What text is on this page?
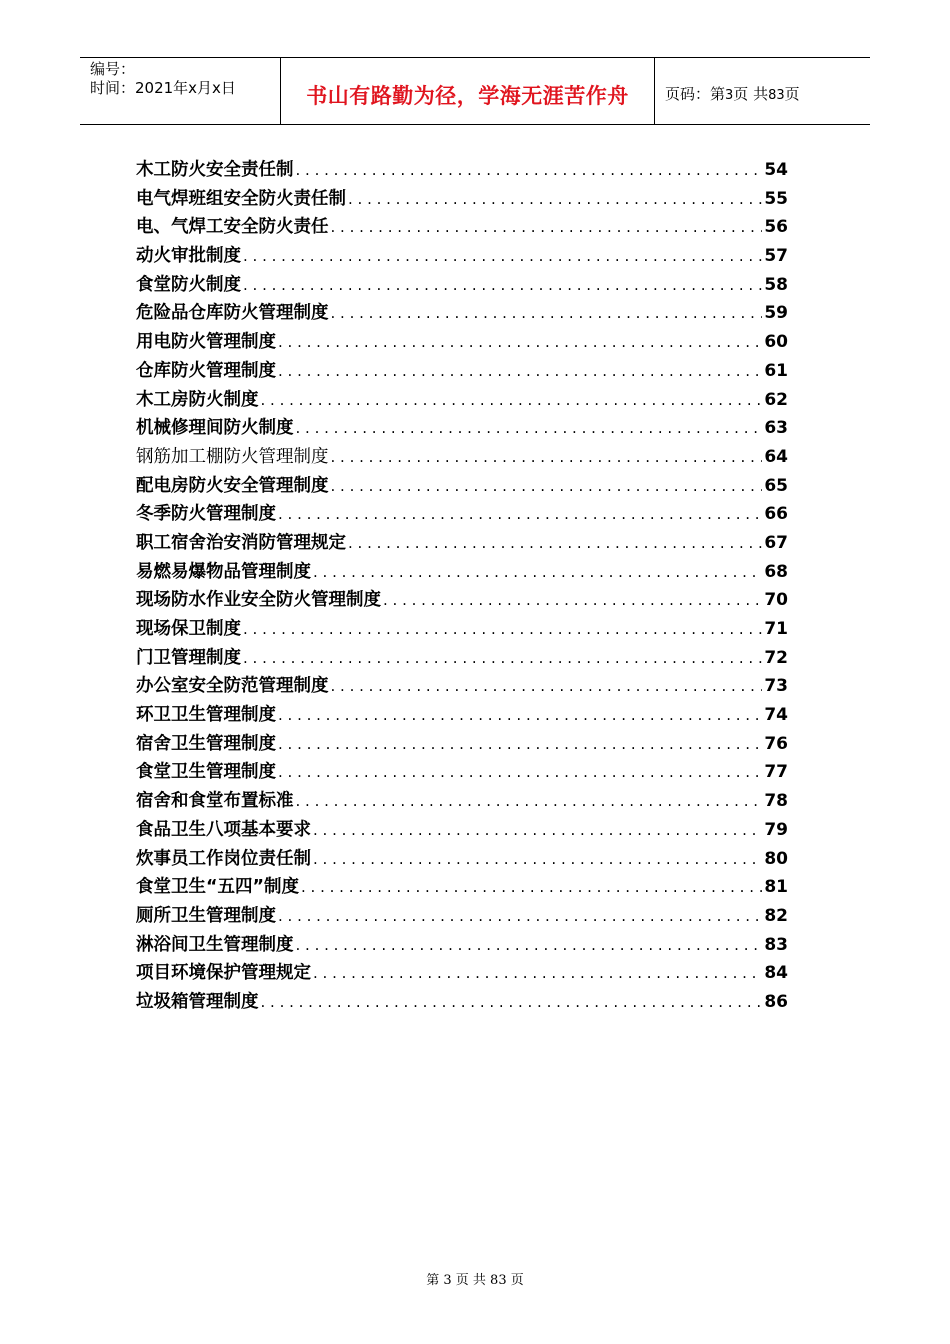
编号：
时间：2021年x月x日	书山有路勤为径，学海无涯苦作舟	页码：第3页 共83页
木工防火安全责任制 . . .	54
电气焊班组安全防火责任制 . . .	55
电、气焊工安全防火责任 . . .	56
动火审批制度 . . .	57
食堂防火制度 . . .	58
危险品仓库防火管理制度 . . .	59
用电防火管理制度 . . .	60
仓库防火管理制度 . . .	61
木工房防火制度 . . .	62
机械修理间防火制度 . . .	63
钢筋加工棚防火管理制度 . . .	64
配电房防火安全管理制度 . . .	65
冬季防火管理制度 . . .	66
职工宿舍治安消防管理规定 . . .	67
易燃易爆物品管理制度 . . .	68
现场防水作业安全防火管理制度 . . .	70
现场保卫制度 . . .	71
门卫管理制度 . . .	72
办公室安全防范管理制度 . . .	73
环卫卫生管理制度 . . .	74
宿舍卫生管理制度 . . .	76
食堂卫生管理制度 . . .	77
宿舍和食堂布置标准 . . .	78
食品卫生八项基本要求 . . .	79
炊事员工作岗位责任制 . . .	80
食堂卫生“五四”制度 . . .	81
厕所卫生管理制度 . . .	82
淋浴间卫生管理制度 . . .	83
项目环境保护管理规定 . . .	84
垃圾箱管理制度 . . .	86
第 3 页 共 83 页
